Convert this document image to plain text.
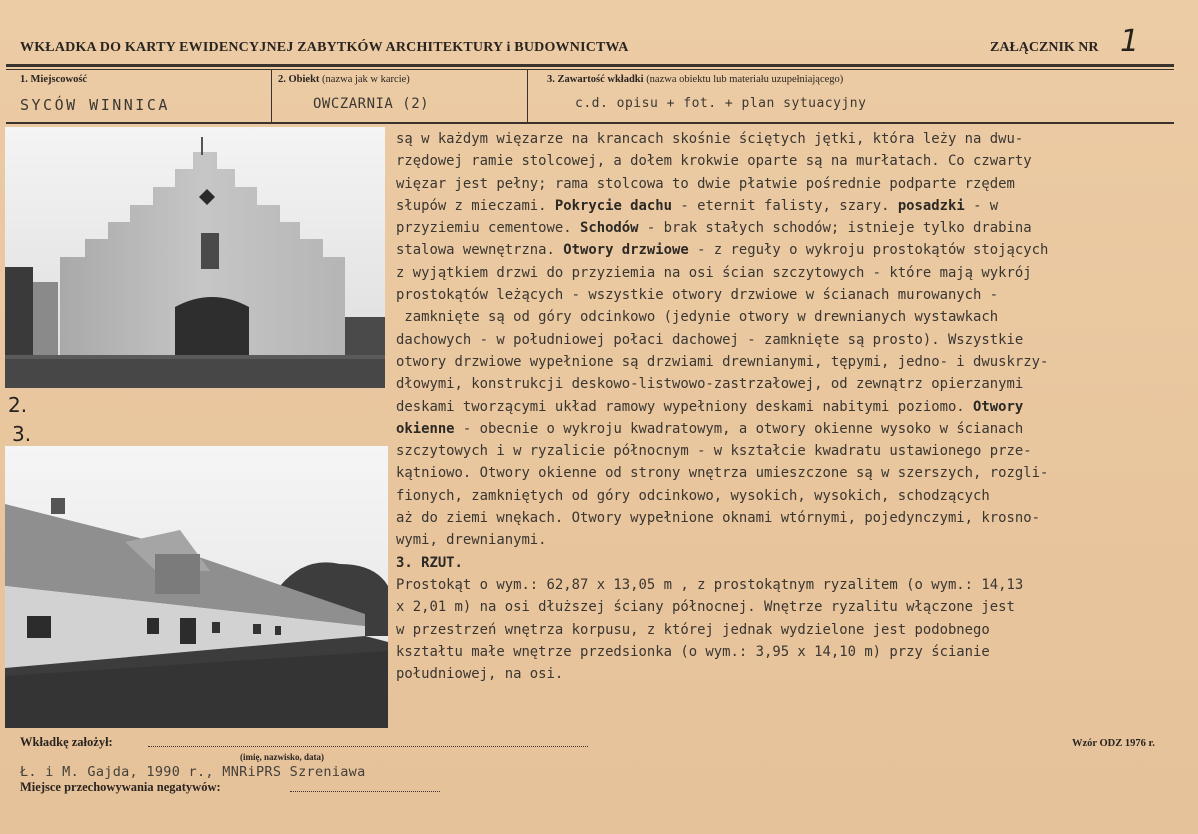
WKŁADKA DO KARTY EWIDENCYJNEJ ZABYTKÓW ARCHITEKTURY i BUDOWNICTWA	ZAŁĄCZNIK NR 1
1. Miejscowość	2. Obiekt (nazwa jak w karcie)	3. Zawartość wkładki (nazwa obiektu lub materiału uzupełniającego)
SYCÓW WINNICA	OWCZARNIA (2)	c.d. opisu + fot. + plan sytuacyjny
2.
3.
są w każdym więzarze na krancach skośnie ściętych jętki, która leży na dwu-
rzędowej ramie stolcowej, a dołem krokwie oparte są na murłatach. Co czwarty
więzar jest pełny; rama stolcowa to dwie płatwie pośrednie podparte rzędem
słupów z mieczami. Pokrycie dachu - eternit falisty, szary. posadzki - w
przyziemiu cementowe. Schodów - brak stałych schodów; istnieje tylko drabina
stalowa wewnętrzna. Otwory drzwiowe - z reguły o wykroju prostokątów stojących
z wyjątkiem drzwi do przyziemia na osi ścian szczytowych - które mają wykrój
prostokątów leżących - wszystkie otwory drzwiowe w ścianach murowanych -
zamknięte są od góry odcinkowo (jedynie otwory w drewnianych wystawkach
dachowych - w południowej połaci dachowej - zamknięte są prosto). Wszystkie
otwory drzwiowe wypełnione są drzwiami drewnianymi, tępymi, jedno- i dwuskrzy-
dłowymi, konstrukcji deskowo-listwowo-zastrzałowej, od zewnątrz opierzanymi
deskami tworzącymi układ ramowy wypełniony deskami nabitymi poziomo. Otwory
okienne - obecnie o wykroju kwadratowym, a otwory okienne wysoko w ścianach
szczytowych i w ryzalicie północnym - w kształcie kwadratu ustawionego prze-
kątniowo. Otwory okienne od strony wnętrza umieszczone są w szerszych, rozgli-
fionych, zamkniętych od góry odcinkowo, wysokich, wysokich, schodzących
aż do ziemi wnękach. Otwory wypełnione oknami wtórnymi, pojedynczymi, krosno-
wymi, drewnianymi.
3. RZUT.
Prostokąt o wym.: 62,87 x 13,05 m , z prostokątnym ryzalitem (o wym.: 14,13
x 2,01 m) na osi dłuższej ściany północnej. Wnętrze ryzalitu włączone jest
w przestrzeń wnętrza korpusu, z której jednak wydzielone jest podobnego
kształtu małe wnętrze przedsionka (o wym.: 3,95 x 14,10 m) przy ścianie
południowej, na osi.
Wkładkę założył:
(imię, nazwisko, data)
Ł. i M. Gajda, 1990 r., MNRiPRS Szreniawa
Miejsce przechowywania negatywów:
Wzór ODZ 1976 r.
